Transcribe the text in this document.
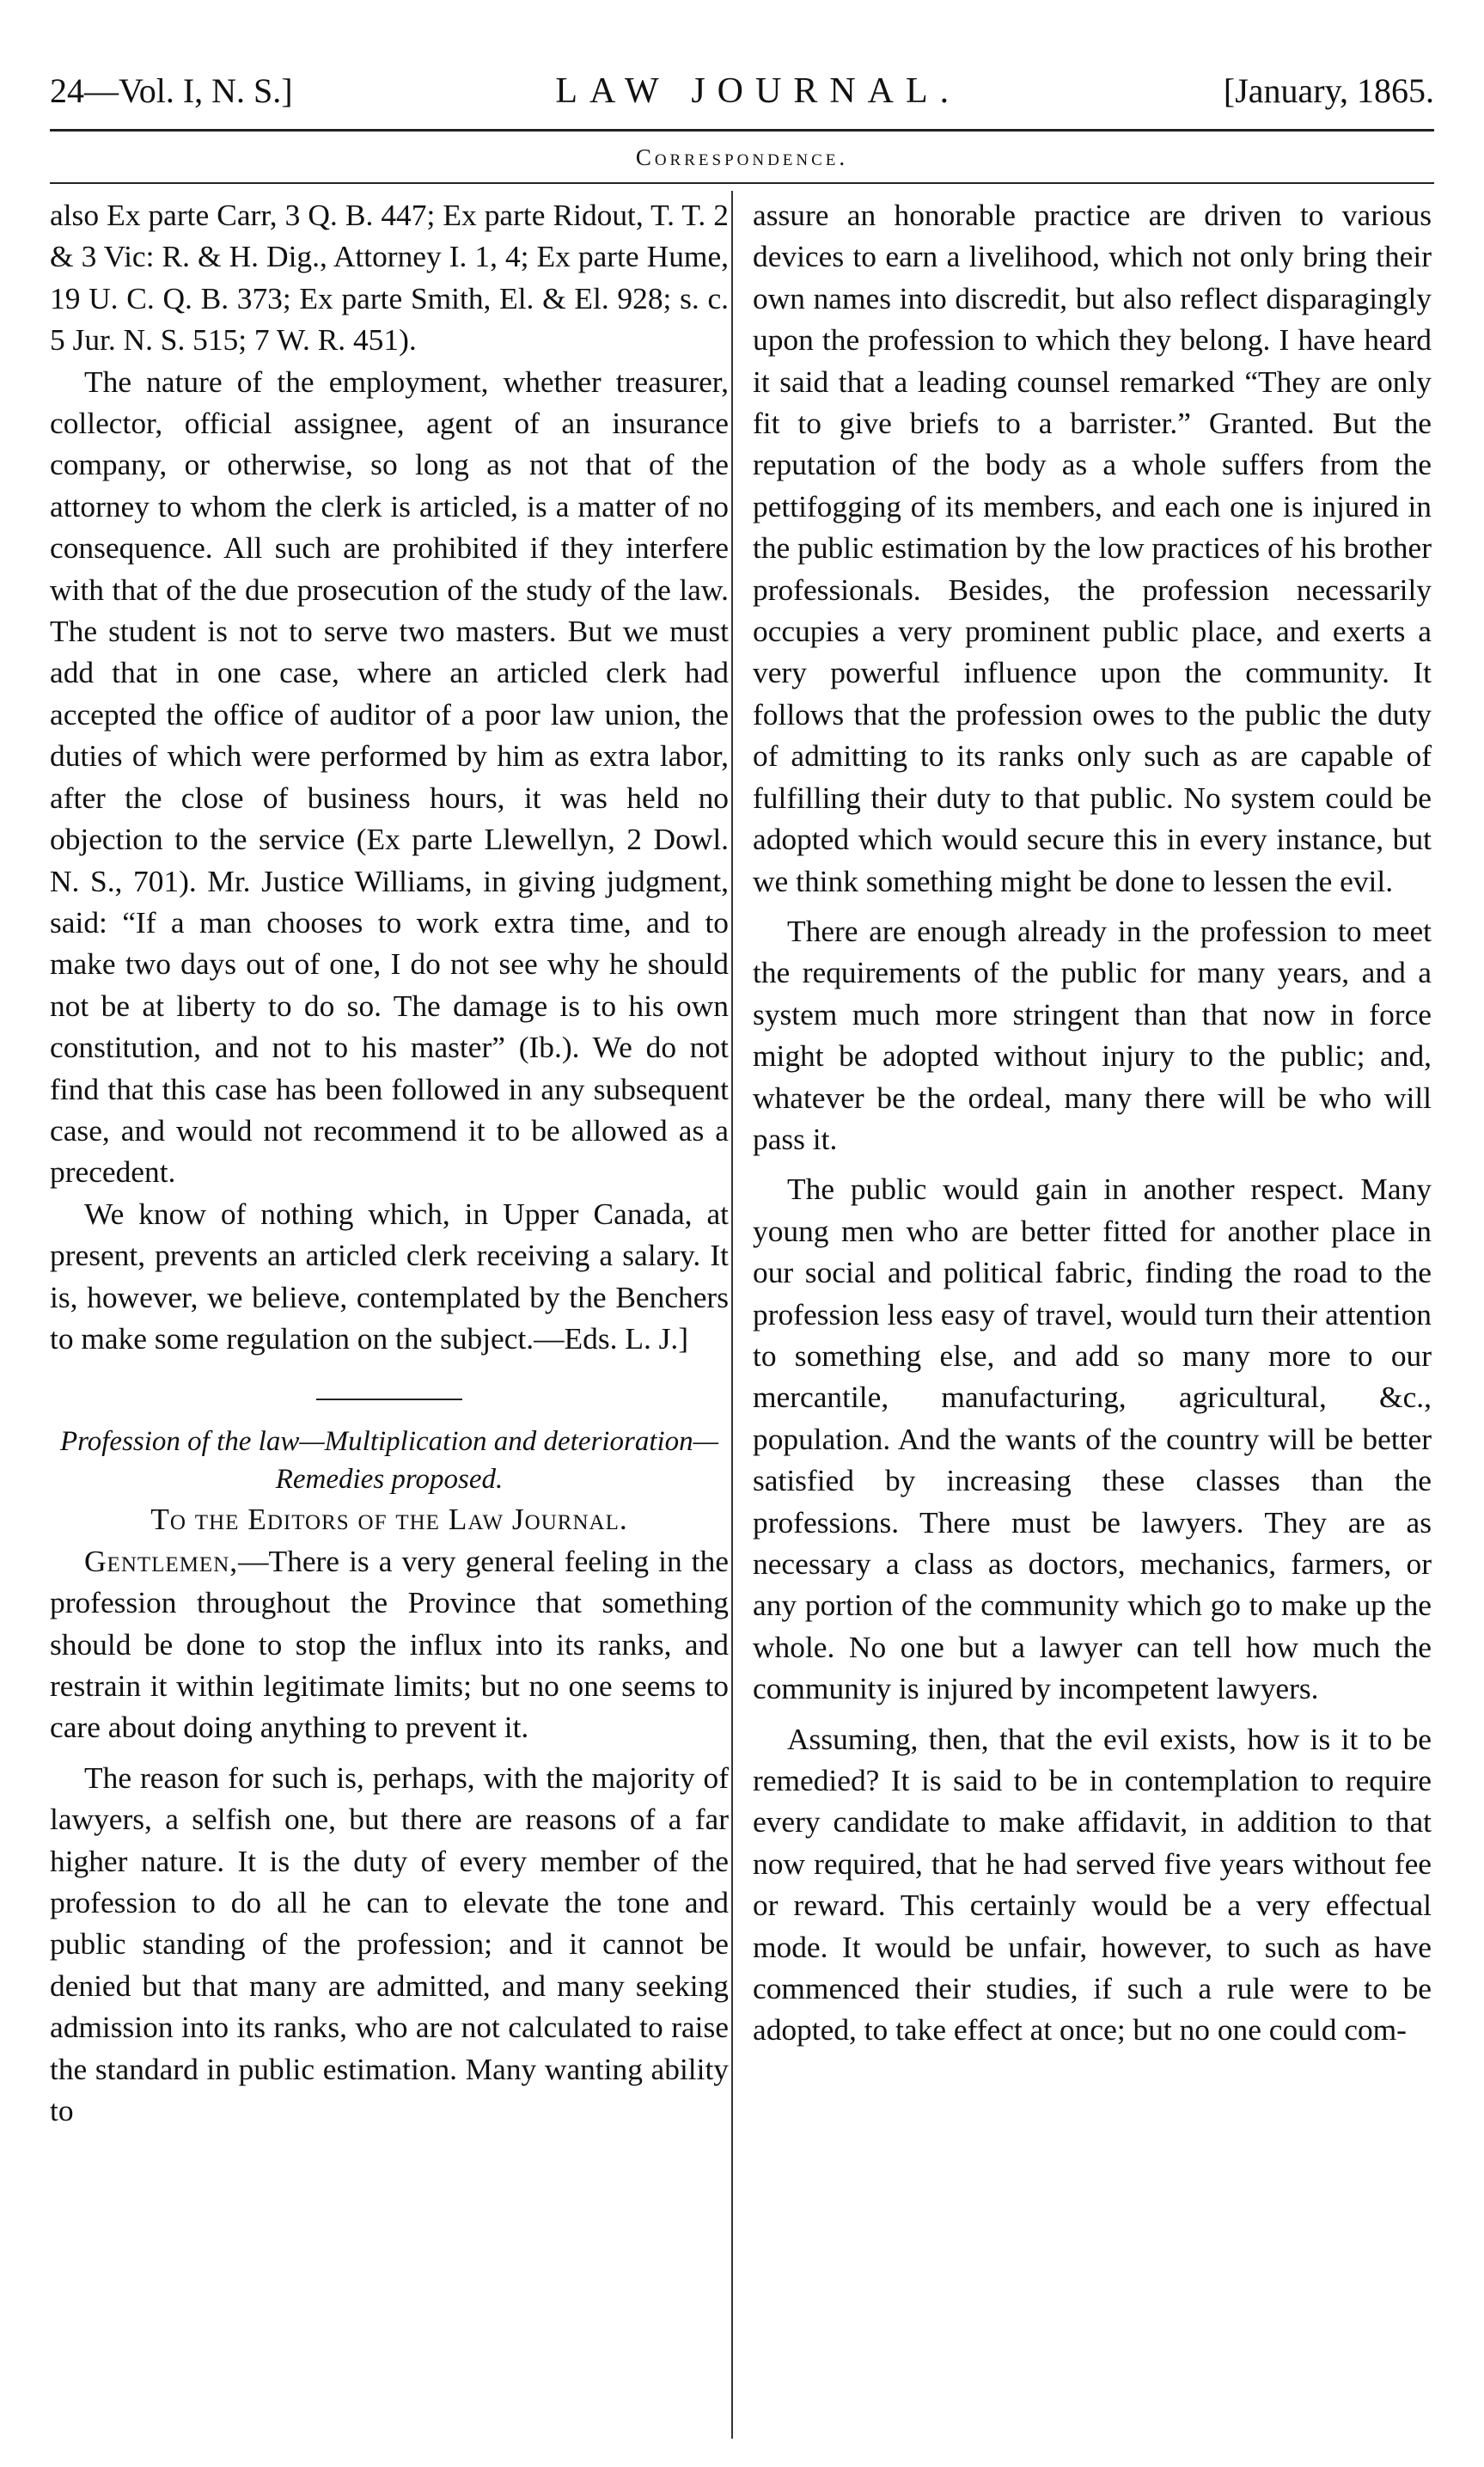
24—Vol. I, N. S.]	LAW JOURNAL.	[January, 1865.
Correspondence.

also Ex parte Carr, 3 Q. B. 447; Ex parte Ridout, T. T. 2 & 3 Vic: R. & H. Dig., Attorney I. 1, 4; Ex parte Hume, 19 U. C. Q. B. 373; Ex parte Smith, El. & El. 928; s. c. 5 Jur. N. S. 515; 7 W. R. 451).

The nature of the employment, whether treasurer, collector, official assignee, agent of an insurance company, or otherwise, so long as not that of the attorney to whom the clerk is articled, is a matter of no consequence. All such are prohibited if they interfere with that of the due prosecution of the study of the law. The student is not to serve two masters. But we must add that in one case, where an articled clerk had accepted the office of auditor of a poor law union, the duties of which were performed by him as extra labor, after the close of business hours, it was held no objection to the service (Ex parte Llewellyn, 2 Dowl. N. S., 701). Mr. Justice Williams, in giving judgment, said: “If a man chooses to work extra time, and to make two days out of one, I do not see why he should not be at liberty to do so. The damage is to his own constitution, and not to his master” (Ib.). We do not find that this case has been followed in any subsequent case, and would not recommend it to be allowed as a precedent.

We know of nothing which, in Upper Canada, at present, prevents an articled clerk receiving a salary. It is, however, we believe, contemplated by the Benchers to make some regulation on the subject.—Eds. L. J.]

Profession of the law—Multiplication and deterioration—Remedies proposed.

To the Editors of the Law Journal.

Gentlemen,—There is a very general feeling in the profession throughout the Province that something should be done to stop the influx into its ranks, and restrain it within legitimate limits; but no one seems to care about doing anything to prevent it.

The reason for such is, perhaps, with the majority of lawyers, a selfish one, but there are reasons of a far higher nature. It is the duty of every member of the profession to do all he can to elevate the tone and public standing of the profession; and it cannot be denied but that many are admitted, and many seeking admission into its ranks, who are not calculated to raise the standard in public estimation. Many wanting ability to

assure an honorable practice are driven to various devices to earn a livelihood, which not only bring their own names into discredit, but also reflect disparagingly upon the profession to which they belong. I have heard it said that a leading counsel remarked “They are only fit to give briefs to a barrister.” Granted. But the reputation of the body as a whole suffers from the pettifogging of its members, and each one is injured in the public estimation by the low practices of his brother professionals. Besides, the profession necessarily occupies a very prominent public place, and exerts a very powerful influence upon the community. It follows that the profession owes to the public the duty of admitting to its ranks only such as are capable of fulfilling their duty to that public. No system could be adopted which would secure this in every instance, but we think something might be done to lessen the evil.

There are enough already in the profession to meet the requirements of the public for many years, and a system much more stringent than that now in force might be adopted without injury to the public; and, whatever be the ordeal, many there will be who will pass it.

The public would gain in another respect. Many young men who are better fitted for another place in our social and political fabric, finding the road to the profession less easy of travel, would turn their attention to something else, and add so many more to our mercantile, manufacturing, agricultural, &c., population. And the wants of the country will be better satisfied by increasing these classes than the professions. There must be lawyers. They are as necessary a class as doctors, mechanics, farmers, or any portion of the community which go to make up the whole. No one but a lawyer can tell how much the community is injured by incompetent lawyers.

Assuming, then, that the evil exists, how is it to be remedied? It is said to be in contemplation to require every candidate to make affidavit, in addition to that now required, that he had served five years without fee or reward. This certainly would be a very effectual mode. It would be unfair, however, to such as have commenced their studies, if such a rule were to be adopted, to take effect at once; but no one could com-
